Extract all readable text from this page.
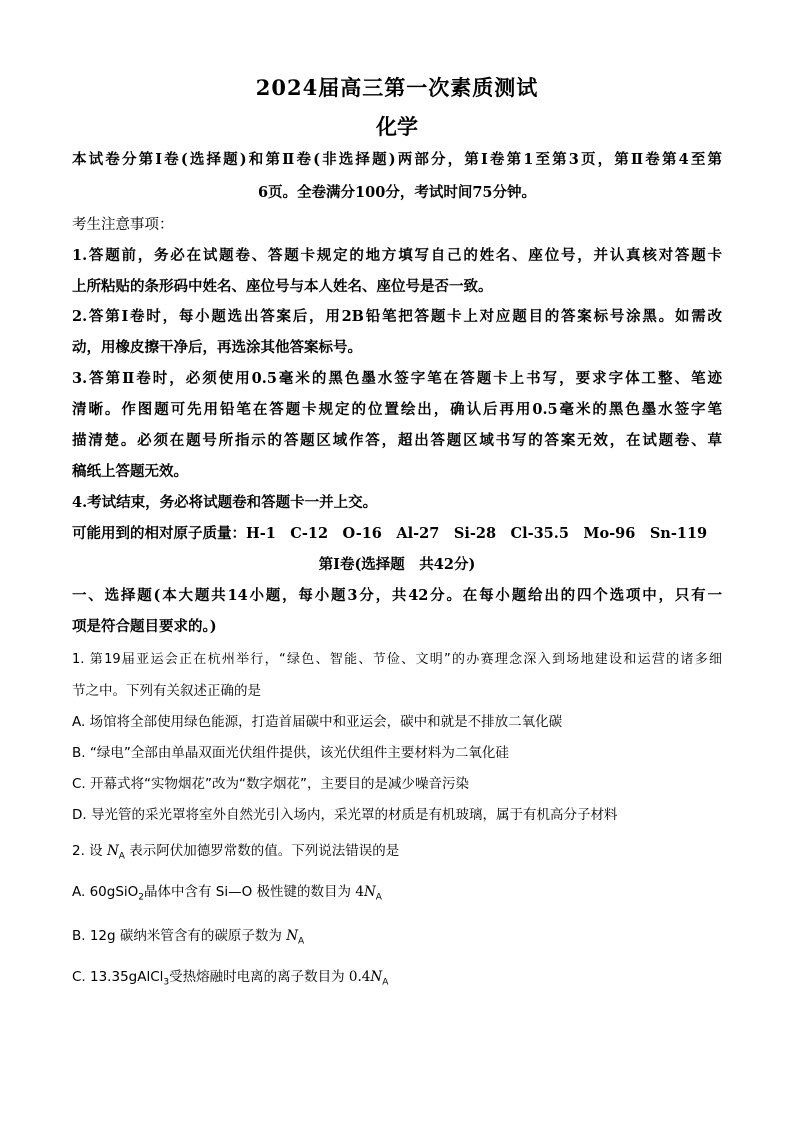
2024届高三第一次素质测试
化学
本试卷分第Ⅰ卷(选择题)和第Ⅱ卷(非选择题)两部分，第Ⅰ卷第1至第3页，第Ⅱ卷第4至第
6页。全卷满分100分，考试时间75分钟。
考生注意事项：
1.答题前，务必在试题卷、答题卡规定的地方填写自己的姓名、座位号，并认真核对答题卡
上所粘贴的条形码中姓名、座位号与本人姓名、座位号是否一致。
2.答第Ⅰ卷时，每小题选出答案后，用2B铅笔把答题卡上对应题目的答案标号涂黑。如需改
动，用橡皮擦干净后，再选涂其他答案标号。
3.答第Ⅱ卷时，必须使用0.5毫米的黑色墨水签字笔在答题卡上书写，要求字体工整、笔迹
清晰。作图题可先用铅笔在答题卡规定的位置绘出，确认后再用0.5毫米的黑色墨水签字笔
描清楚。必须在题号所指示的答题区域作答，超出答题区域书写的答案无效，在试题卷、草
稿纸上答题无效。
4.考试结束，务必将试题卷和答题卡一并上交。
可能用到的相对原子质量：H-1　C-12　O-16　Al-27　Si-28　Cl-35.5　Mo-96　Sn-119
第Ⅰ卷(选择题　共42分)
一、选择题(本大题共14小题，每小题3分，共42分。在每小题给出的四个选项中，只有一
项是符合题目要求的。)
1. 第19届亚运会正在杭州举行，“绿色、智能、节俭、文明”的办赛理念深入到场地建设和运营的诸多细
节之中。下列有关叙述正确的是
A. 场馆将全部使用绿色能源，打造首届碳中和亚运会，碳中和就是不排放二氧化碳
B. “绿电”全部由单晶双面光伏组件提供，该光伏组件主要材料为二氧化硅
C. 开幕式将“实物烟花”改为“数字烟花”，主要目的是减少噪音污染
D. 导光管的采光罩将室外自然光引入场内，采光罩的材质是有机玻璃，属于有机高分子材料
2. 设 $N_A$ 表示阿伏加德罗常数的值。下列说法错误的是
A. 60gSiO$_2$晶体中含有 Si—O 极性键的数目为 $4N_A$
B. 12g 碳纳米管含有的碳原子数为 $N_A$
C. 13.35gAlCl$_3$受热熔融时电离的离子数目为 $0.4N_A$
